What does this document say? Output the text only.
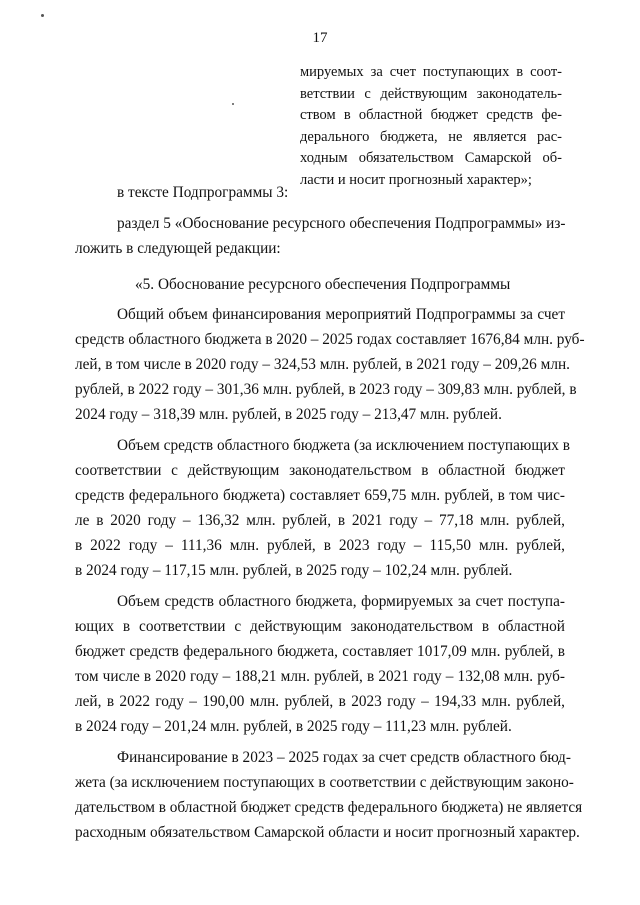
17
мируемых за счет поступающих в соот-
ветствии с действующим законодатель-
ством в областной бюджет средств фе-
дерального бюджета, не является рас-
ходным обязательством Самарской об-
ласти и носит прогнозный характер»;
в тексте Подпрограммы 3:
раздел 5 «Обоснование ресурсного обеспечения Подпрограммы» из-
ложить в следующей редакции:
«5. Обоснование ресурсного обеспечения Подпрограммы
Общий объем финансирования мероприятий Подпрограммы за счет
средств областного бюджета в 2020 – 2025 годах составляет 1676,84 млн. руб-
лей, в том числе в 2020 году – 324,53 млн. рублей, в 2021 году – 209,26 млн.
рублей, в 2022 году – 301,36 млн. рублей, в 2023 году – 309,83 млн. рублей, в
2024 году – 318,39 млн. рублей, в 2025 году – 213,47 млн. рублей.
Объем средств областного бюджета (за исключением поступающих в
соответствии с действующим законодательством в областной бюджет
средств федерального бюджета) составляет 659,75 млн. рублей, в том чис-
ле в 2020 году – 136,32 млн. рублей, в 2021 году – 77,18 млн. рублей,
в 2022 году – 111,36 млн. рублей, в 2023 году – 115,50 млн. рублей,
в 2024 году – 117,15 млн. рублей, в 2025 году – 102,24 млн. рублей.
Объем средств областного бюджета, формируемых за счет поступа-
ющих в соответствии с действующим законодательством в областной
бюджет средств федерального бюджета, составляет 1017,09 млн. рублей, в
том числе в 2020 году – 188,21 млн. рублей, в 2021 году – 132,08 млн. руб-
лей, в 2022 году – 190,00 млн. рублей, в 2023 году – 194,33 млн. рублей,
в 2024 году – 201,24 млн. рублей, в 2025 году – 111,23 млн. рублей.
Финансирование в 2023 – 2025 годах за счет средств областного бюд-
жета (за исключением поступающих в соответствии с действующим законо-
дательством в областной бюджет средств федерального бюджета) не является
расходным обязательством Самарской области и носит прогнозный характер.
